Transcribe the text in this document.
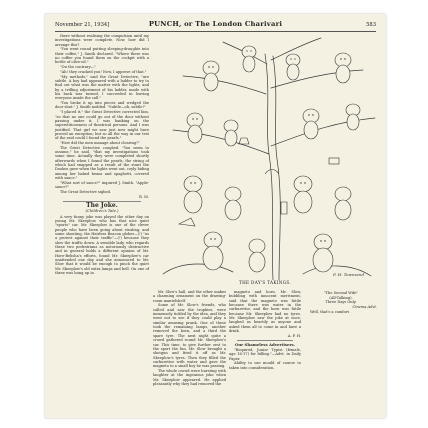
November 21, 1934]	PUNCH, or The London Charivari	583

there without realising the compulsion until my investigations were complete. Now, how did I arrange this?

"You went round putting sleeping-draughts into their coffee," J. Smith declared. "Where there was no coffee you found them on the cockpit with a bottle of olive-oil."

"On the contrary—"

"Ah! they cracked you! Now, I approve of that."

"My methods," said the Great Detective, "are subtle. A boy had appeared with a ladder to try to find out what was the matter with the lights, and by a trifling adjustment of his ladder, made with his back was turned, I succeeded in leaving everyone inside the call."

"You broke it up into pieces and wedged the door shut." J. Smith nodded. "Subtle—oh, subtle!"

"I placed it," the Great Detective corrected him, "so that no one could go out of the door without passing under it. I was banking on the superstitiousness of theatrical persons. And I was justified. That girl we saw just now might have proved an exception; but so all the way in our test of the raid could I found the pearls."

"How did the men manage about clearing?"

The Great Detective coughed. "You seem to assume," he said, "that my investigations took some time. Actually they were completed shortly afterwards when I found the pearls, the string of which had snapped as a result of the stunt the Dookes gave when the lights went out, coyly hiding among her baked beans and spaghetti, covered with sauce."

"What sort of sauce?" inquired J. Smith. "Apple-sauce?"

The Great Detective sighed.

R. M.

The Joke.

(Children's Tale.)

A very funny joke was played the other day on young Mr. Skeeplow, who has that nice quiet "sports" car. Mr. Skeeplow is one of the clever people who have been going about stealing, and some shouting, the Hairless Beacon globes—(!) "as a protest against their traffic"—(!) because they slow the traffic down. A sensible lady, who regards these two pedestrians as notoriously destructive and in general holds a different opinion of Mr. Hore-Belisha's efforts, found Mr. Skeeplow's car unattended one day and she announced to Mr. Slow that it would be enough to pinch the quiet Mr. Skeeplow's old extra lamps and bell. On one of these was hung up in	F. H. Townsend
THE DAY'S TAKINGS.

Mr. Slow's hall, and the other makes a charming ornament on the drawing-room mantelshelf.

Some of Mr. Slow's friends, who called and saw the trophies, were immensely tickled by the idea, and they went out to see if they could play a similar amusing prank. One of these took the remaining lamps, another removed the horn, and a third the spare tyre. The next night quite a crowd gathered round Mr. Skeeplow's car. This time, to give further zest to the sport the fun, Mr. Slow brought a shotgun and fired it off as Mr. Skeeplow's tyres. Then they filled the carburettor with water and gave the magneto to a small boy he was passing.

The whole crowd were bursting with laughter at the ingenious joke when Mr. Skeeplow appeared. He applied pleasantly why they had removed the

magneto and horn. Mr. Slow, bubbling with innocent merriment, said that the magneto was futile because there was water in the carburettor, and the horn was futile because Mr. Skeeplow had no tyres. Mr. Skeeplow saw the joke at once, laughed as heartily as anyone and asked them all to come in and have a drink.

A. P. H.

Our Shameless Advertisers.

"Required, Junior Typist (female, age 16-17) for billing."—Advt. in Daily Paper.

Ability to use mould of course to taken into consideration.

"The Second Wife"

(All-Talking).

Three Days Only.

Cinema Advt.

Well, that's a comfort.
